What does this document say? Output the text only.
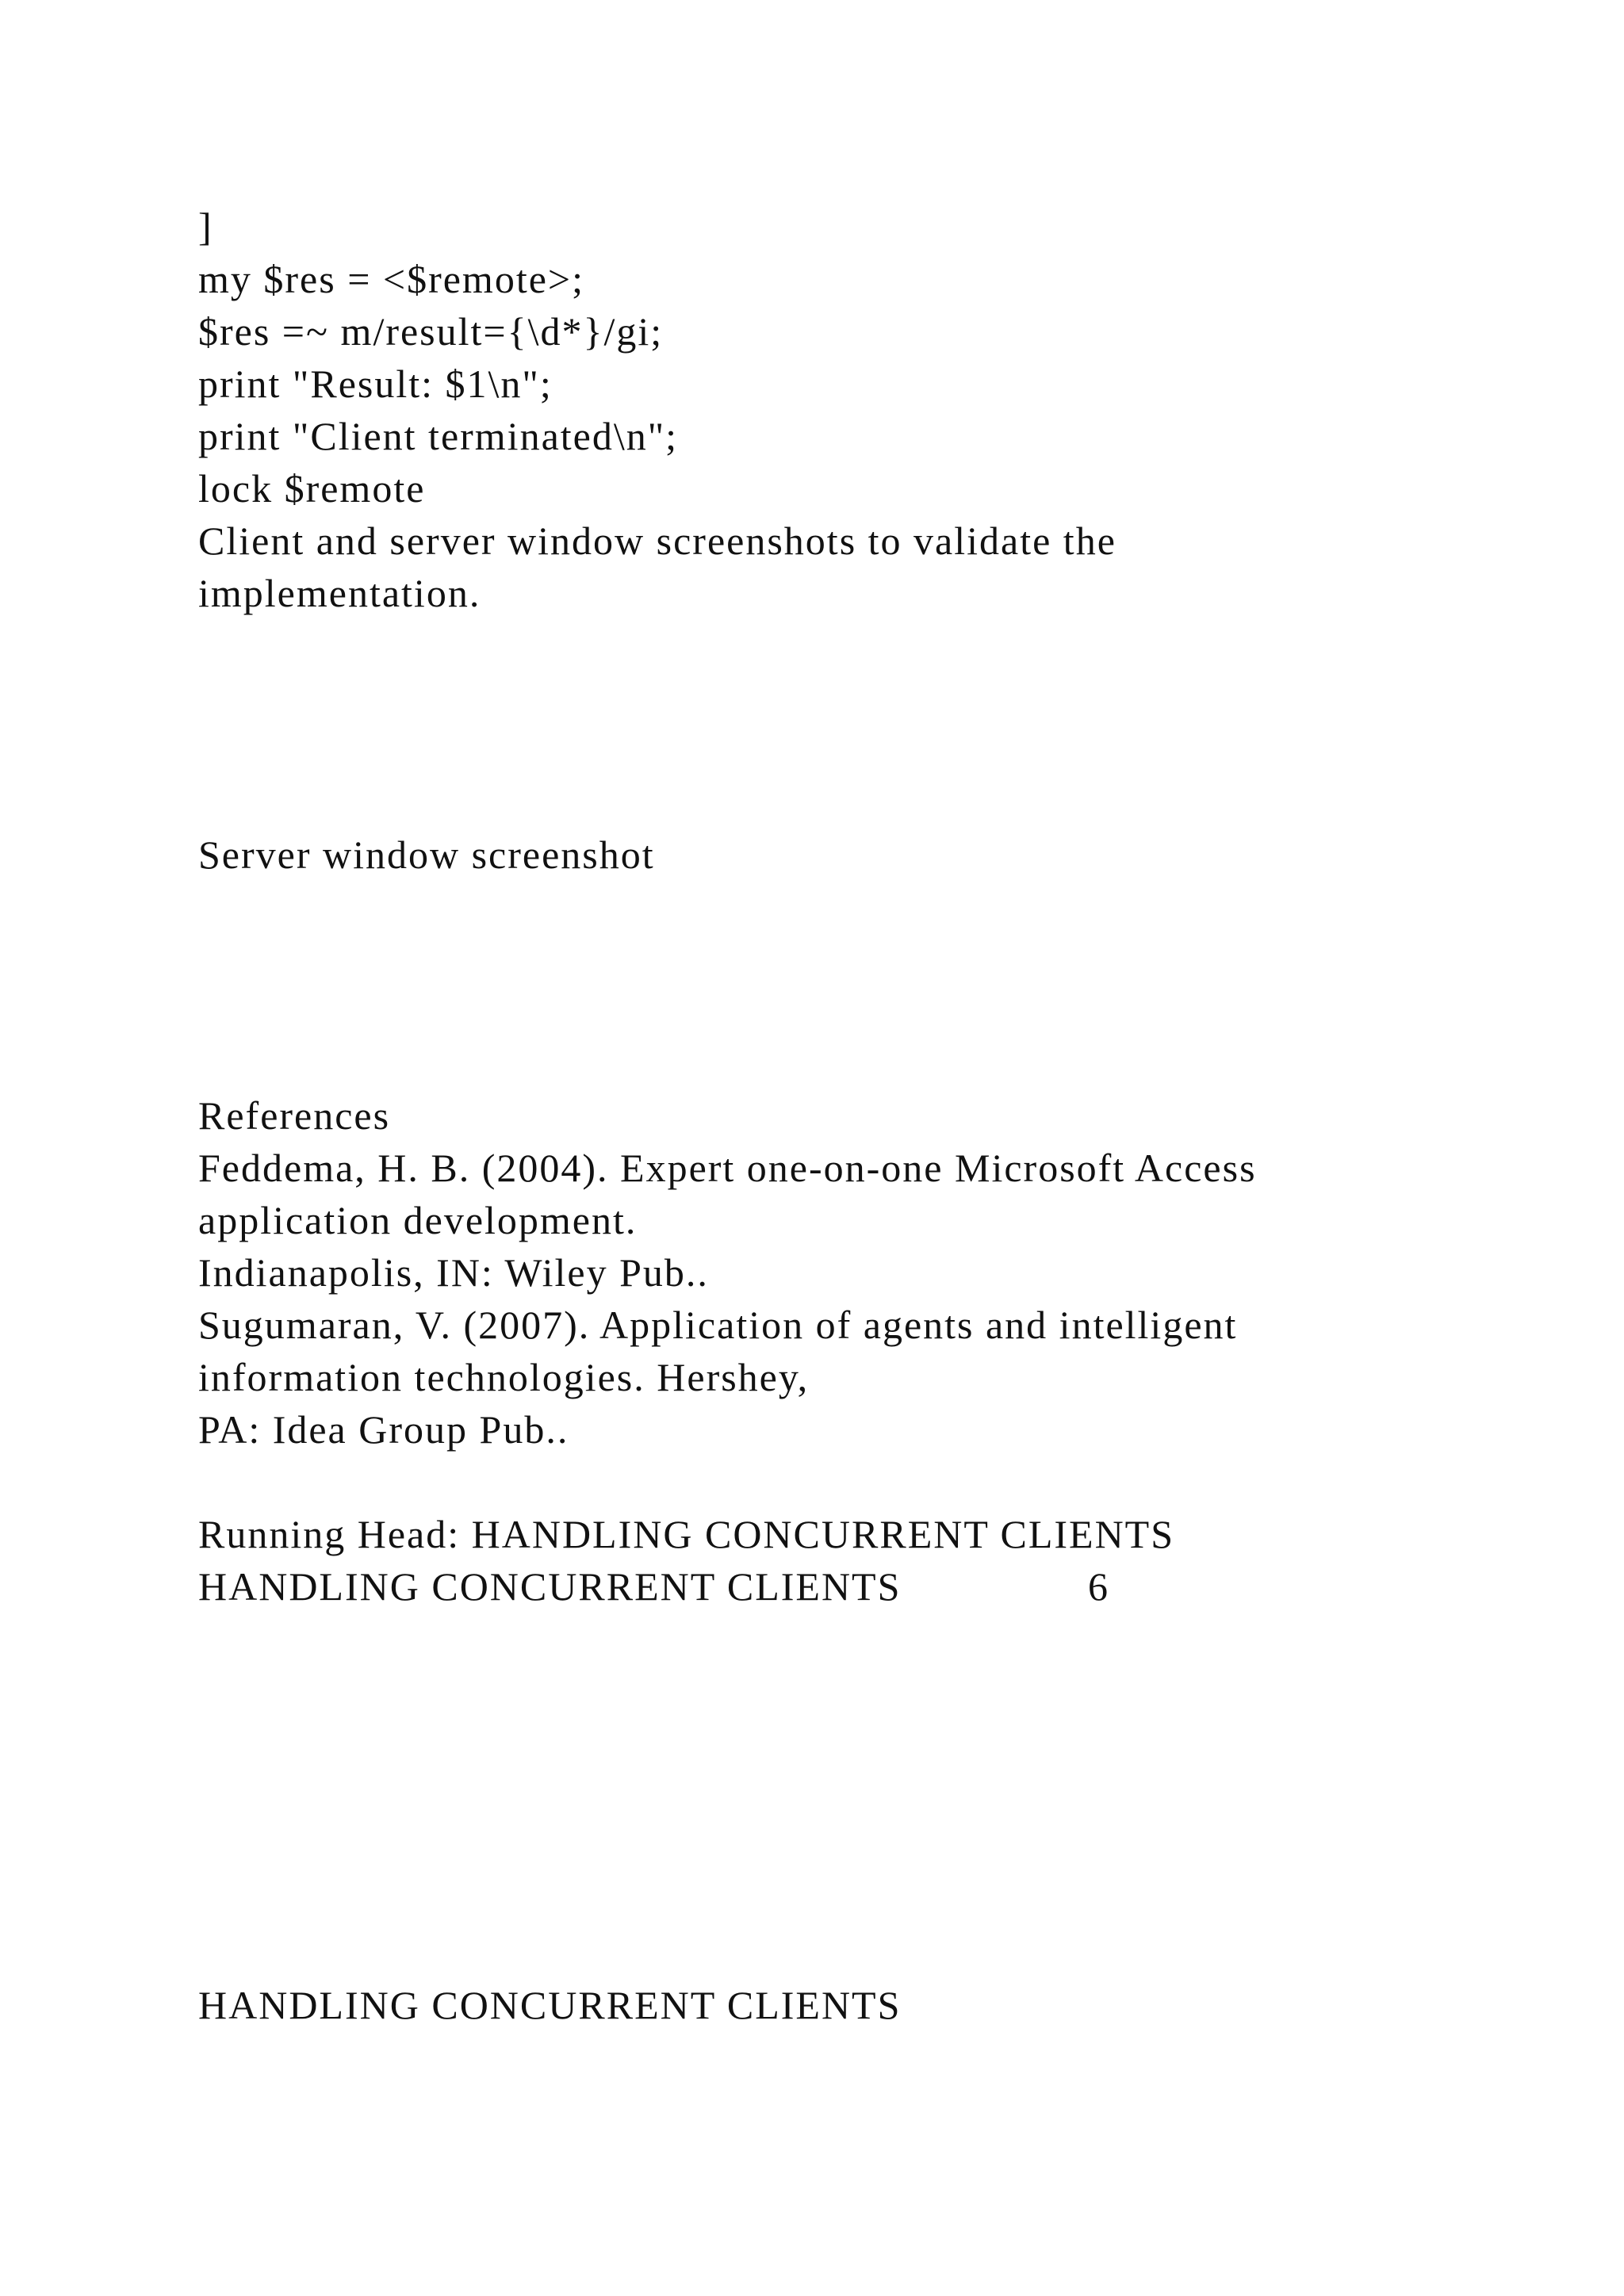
]
my $res = <$remote>;
$res =~ m/result={\d*}/gi;
print "Result: $1\n";
print "Client terminated\n";
lock $remote
Client and server window screenshots to validate the
implementation.
Server window screenshot
References
Feddema, H. B. (2004). Expert one-on-one Microsoft Access
application development.
Indianapolis, IN: Wiley Pub..
Sugumaran, V. (2007). Application of agents and intelligent
information technologies. Hershey,
PA: Idea Group Pub..
Running Head: HANDLING CONCURRENT CLIENTS
HANDLING CONCURRENT CLIENTS	6
HANDLING CONCURRENT CLIENTS
